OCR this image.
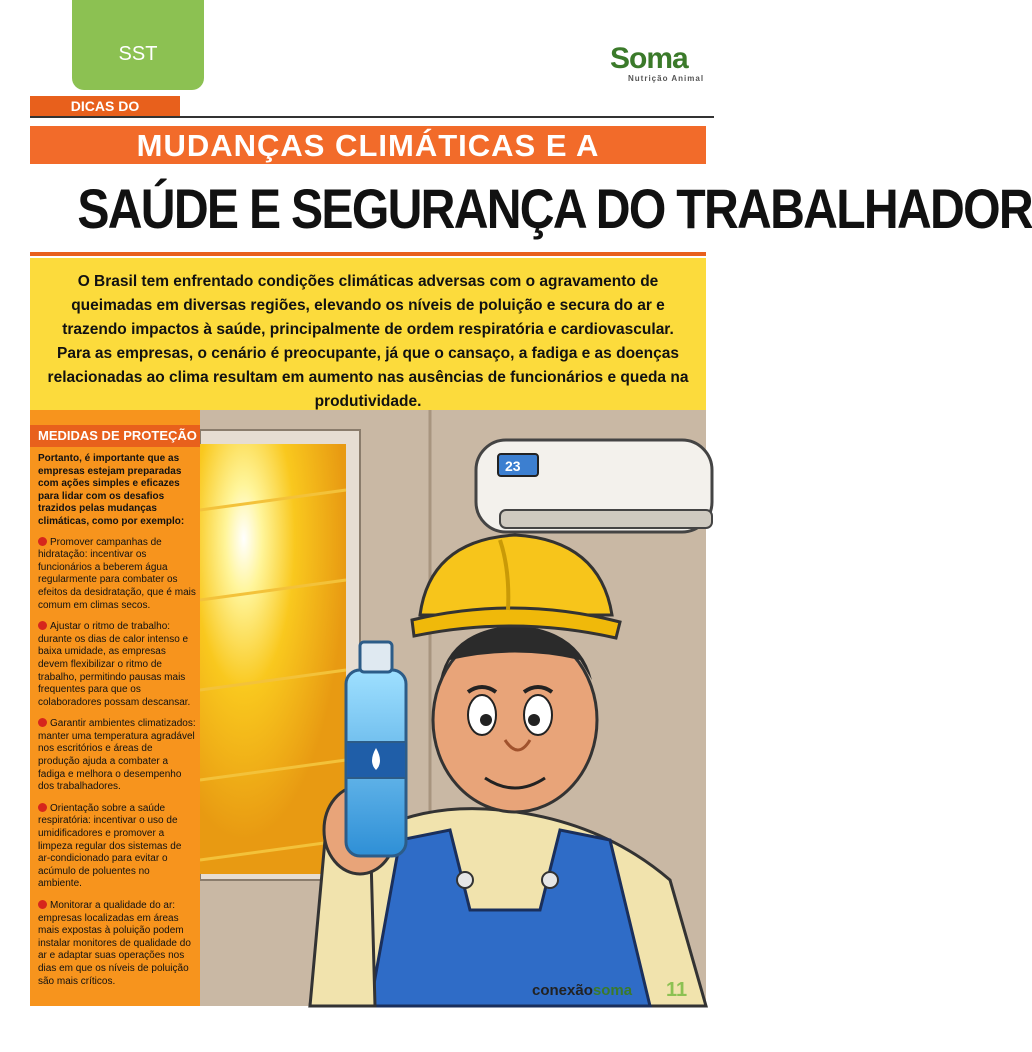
SST	Soma
Nutrição Animal
DICAS DO
MUDANÇAS CLIMÁTICAS E A
SAÚDE E SEGURANÇA DO TRABALHADOR
O Brasil tem enfrentado condições climáticas adversas com o agravamento de queimadas em diversas regiões, elevando os níveis de poluição e secura do ar e trazendo impactos à saúde, principalmente de ordem respiratória e cardiovascular. Para as empresas, o cenário é preocupante, já que o cansaço, a fadiga e as doenças relacionadas ao clima resultam em aumento nas ausências de funcionários e queda na produtividade.
23
MEDIDAS DE PROTEÇÃO

Portanto, é importante que as empresas estejam preparadas com ações simples e eficazes para lidar com os desafios trazidos pelas mudanças climáticas, como por exemplo:

Promover campanhas de hidratação: incentivar os funcionários a beberem água regularmente para combater os efeitos da desidratação, que é mais comum em climas secos.

Ajustar o ritmo de trabalho: durante os dias de calor intenso e baixa umidade, as empresas devem flexibilizar o ritmo de trabalho, permitindo pausas mais frequentes para que os colaboradores possam descansar.

Garantir ambientes climatizados: manter uma temperatura agradável nos escritórios e áreas de produção ajuda a combater a fadiga e melhora o desempenho dos trabalhadores.

Orientação sobre a saúde respiratória: incentivar o uso de umidificadores e promover a limpeza regular dos sistemas de ar-condicionado para evitar o acúmulo de poluentes no ambiente.

Monitorar a qualidade do ar: empresas localizadas em áreas mais expostas à poluição podem instalar monitores de qualidade do ar e adaptar suas operações nos dias em que os níveis de poluição são mais críticos.

conexãosoma 11
